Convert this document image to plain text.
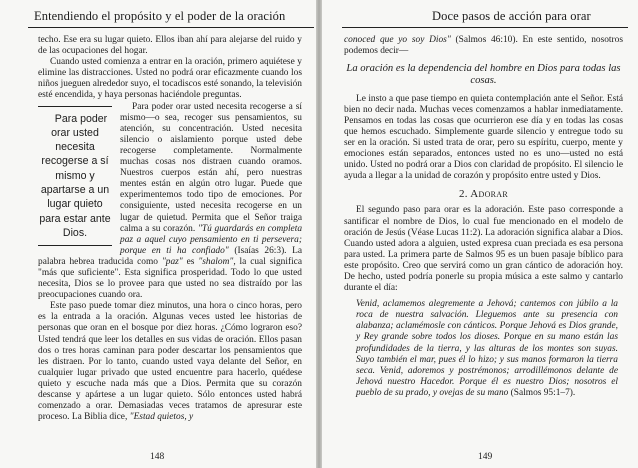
Entendiendo el propósito y el poder de la oración

techo. Ese era su lugar quieto. Ellos iban ahí para alejarse del ruido y de las ocupaciones del hogar.

Cuando usted comienza a entrar en la oración, primero aquiétese y elimine las distracciones. Usted no podrá orar eficazmente cuando los niños jueguen alrededor suyo, el tocadiscos esté sonando, la televisión esté encendida, y haya personas haciéndole preguntas.

Para poder orar usted necesita recogerse a sí mismo y apartarse a un lugar quieto para estar ante Dios.
Para poder orar usted necesita recogerse a sí mismo—o sea, recoger sus pensamientos, su atención, su concentración. Usted necesita silencio o aislamiento porque usted debe recogerse completamente. Normalmente muchas cosas nos distraen cuando oramos. Nuestros cuerpos están ahí, pero nuestras mentes están en algún otro lugar. Puede que experimentemos todo tipo de emociones. Por consiguiente, usted necesita recogerse en un lugar de quietud. Permita que el Señor traiga calma a su corazón. "Tú guardarás en completa paz a aquel cuyo pensamiento en ti persevera; porque en ti ha confiado" (Isaías 26:3). La palabra hebrea traducida como "paz" es "shalom", la cual significa "más que suficiente". Esta significa prosperidad. Todo lo que usted necesita, Dios se lo provee para que usted no sea distraído por las preocupaciones cuando ora.

Este paso puede tomar diez minutos, una hora o cinco horas, pero es la entrada a la oración. Algunas veces usted lee historias de personas que oran en el bosque por diez horas. ¿Cómo lograron eso? Usted tendrá que leer los detalles en sus vidas de oración. Ellos pasan dos o tres horas caminan para poder descartar los pensamientos que les distraen. Por lo tanto, cuando usted vaya delante del Señor, en cualquier lugar privado que usted encuentre para hacerlo, quédese quieto y escuche nada más que a Dios. Permita que su corazón descanse y apártese a un lugar quieto. Sólo entonces usted habrá comenzado a orar. Demasiadas veces tratamos de apresurar este proceso. La Biblia dice, "Estad quietos, y

148
Doce pasos de acción para orar

conoced que yo soy Dios" (Salmos 46:10). En este sentido, nosotros podemos decir—

La oración es la dependencia del hombre en Dios para todas las cosas.

Le insto a que pase tiempo en quieta contemplación ante el Señor. Está bien no decir nada. Muchas veces comenzamos a hablar inmediatamente. Pensamos en todas las cosas que ocurrieron ese día y en todas las cosas que hemos escuchado. Simplemente guarde silencio y entregue todo su ser en la oración. Si usted trata de orar, pero su espíritu, cuerpo, mente y emociones están separados, entonces usted no es uno—usted no está unido. Usted no podrá orar a Dios con claridad de propósito. El silencio le ayuda a llegar a la unidad de corazón y propósito entre usted y Dios.

2. Adorar

El segundo paso para orar es la adoración. Este paso corresponde a santificar el nombre de Dios, lo cual fue mencionado en el modelo de oración de Jesús (Véase Lucas 11:2). La adoración significa alabar a Dios. Cuando usted adora a alguien, usted expresa cuan preciada es esa persona para usted. La primera parte de Salmos 95 es un buen pasaje bíblico para este propósito. Creo que servirá como un gran cántico de adoración hoy. De hecho, usted podría ponerle su propia música a este salmo y cantarlo durante el día:

Venid, aclamemos alegremente a Jehová; cantemos con júbilo a la roca de nuestra salvación. Lleguemos ante su presencia con alabanza; aclamémosle con cánticos. Porque Jehová es Dios grande, y Rey grande sobre todos los dioses. Porque en su mano están las profundidades de la tierra, y las alturas de los montes son suyas. Suyo también el mar, pues él lo hizo; y sus manos formaron la tierra seca. Venid, adoremos y postrémonos; arrodillémonos delante de Jehová nuestro Hacedor. Porque él es nuestro Dios; nosotros el pueblo de su prado, y ovejas de su mano (Salmos 95:1–7).
149
